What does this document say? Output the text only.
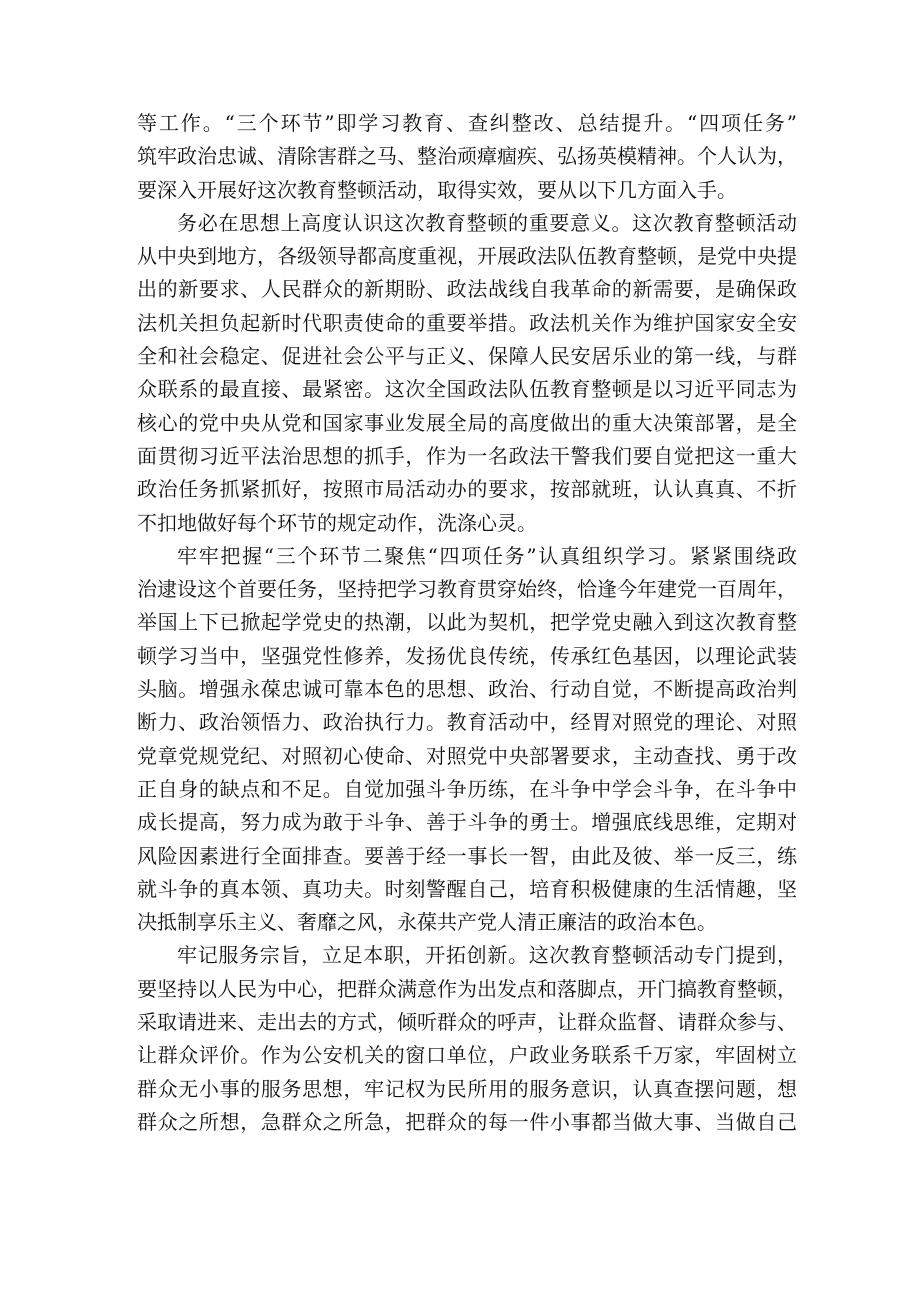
等工作。“三个环节”即学习教育、查纠整改、总结提升。“四项任务”
筑牢政治忠诚、清除害群之马、整治顽瘴痼疾、弘扬英模精神。个人认为，
要深入开展好这次教育整顿活动，取得实效，要从以下几方面入手。
务必在思想上高度认识这次教育整顿的重要意义。这次教育整顿活动
从中央到地方，各级领导都高度重视，开展政法队伍教育整顿，是党中央提
出的新要求、人民群众的新期盼、政法战线自我革命的新需要，是确保政
法机关担负起新时代职责使命的重要举措。政法机关作为维护国家安全安
全和社会稳定、促进社会公平与正义、保障人民安居乐业的第一线，与群
众联系的最直接、最紧密。这次全国政法队伍教育整顿是以习近平同志为
核心的党中央从党和国家事业发展全局的高度做出的重大决策部署，是全
面贯彻习近平法治思想的抓手，作为一名政法干警我们要自觉把这一重大
政治任务抓紧抓好，按照市局活动办的要求，按部就班，认认真真、不折
不扣地做好每个环节的规定动作，洗涤心灵。
牢牢把握“三个环节二聚焦“四项任务”认真组织学习。紧紧围绕政
治逮设这个首要任务，坚持把学习教育贯穿始终，恰逢今年建党一百周年，
举国上下已掀起学党史的热潮，以此为契机，把学党史融入到这次教育整
顿学习当中，坚强党性修养，发扬优良传统，传承红色基因，以理论武装
头脑。增强永葆忠诚可靠本色的思想、政治、行动自觉，不断提高政治判
断力、政治领悟力、政治执行力。教育活动中，经胃对照党的理论、对照
党章党规党纪、对照初心使命、对照党中央部署要求，主动查找、勇于改
正自身的缺点和不足。自觉加强斗争历练，在斗争中学会斗争，在斗争中
成长提高，努力成为敢于斗争、善于斗争的勇士。增强底线思维，定期对
风险因素进行全面排查。要善于经一事长一智，由此及彼、举一反三，练
就斗争的真本领、真功夫。时刻警醒自己，培育积极健康的生活情趣，坚
决抵制享乐主义、奢靡之风，永葆共产党人清正廉洁的政治本色。
牢记服务宗旨，立足本职，开拓创新。这次教育整顿活动专门提到，
要坚持以人民为中心，把群众满意作为出发点和落脚点，开门搞教育整顿，
采取请进来、走出去的方式，倾听群众的呼声，让群众监督、请群众参与、
让群众评价。作为公安机关的窗口单位，户政业务联系千万家，牢固树立
群众无小事的服务思想，牢记权为民所用的服务意识，认真查摆问题，想
群众之所想，急群众之所急，把群众的每一件小事都当做大事、当做自己
